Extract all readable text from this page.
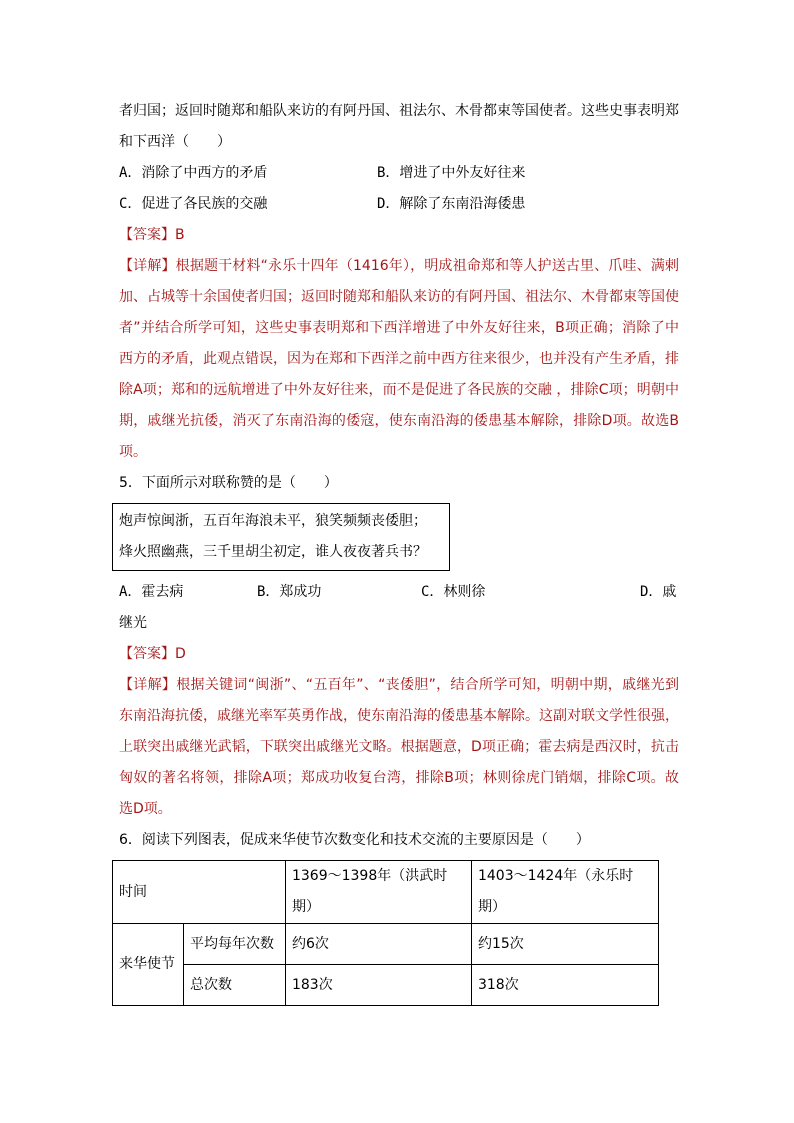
者归国；返回时随郑和船队来访的有阿丹国、祖法尔、木骨都束等国使者。这些史事表明郑

和下西洋（　　）

A．消除了中西方的矛盾	B．增进了中外友好往来
C．促进了各民族的交融	D．解除了东南沿海倭患

【答案】B

【详解】根据题干材料“永乐十四年（1416年），明成祖命郑和等人护送古里、爪哇、满剌加、占城等十余国使者归国；返回时随郑和船队来访的有阿丹国、祖法尔、木骨都束等国使者”并结合所学可知，这些史事表明郑和下西洋增进了中外友好往来，B项正确；消除了中西方的矛盾，此观点错误，因为在郑和下西洋之前中西方往来很少，也并没有产生矛盾，排除A项；郑和的远航增进了中外友好往来，而不是促进了各民族的交融 ，排除C项；明朝中期，戚继光抗倭，消灭了东南沿海的倭寇，使东南沿海的倭患基本解除，排除D项。故选B项。

5．下面所示对联称赞的是（　　）

炮声惊闽浙，五百年海浪未平，狼笑频频丧倭胆；
烽火照幽燕，三千里胡尘初定，谁人夜夜著兵书？
A．霍去病	B．郑成功	C．林则徐	D．戚

继光

【答案】D

【详解】根据关键词“闽浙”、“五百年”、“丧倭胆”，结合所学可知，明朝中期，戚继光到东南沿海抗倭，戚继光率军英勇作战，使东南沿海的倭患基本解除。这副对联文学性很强，上联突出戚继光武韬，下联突出戚继光文略。根据题意，D项正确；霍去病是西汉时，抗击匈奴的著名将领，排除A项；郑成功收复台湾，排除B项；林则徐虎门销烟，排除C项。故选D项。

6．阅读下列图表，促成来华使节次数变化和技术交流的主要原因是（　　）

时间		1369～1398年（洪武时期）	1403～1424年（永乐时期）
来华使节	平均每年次数	约6次	约15次
	总次数	183次	318次
